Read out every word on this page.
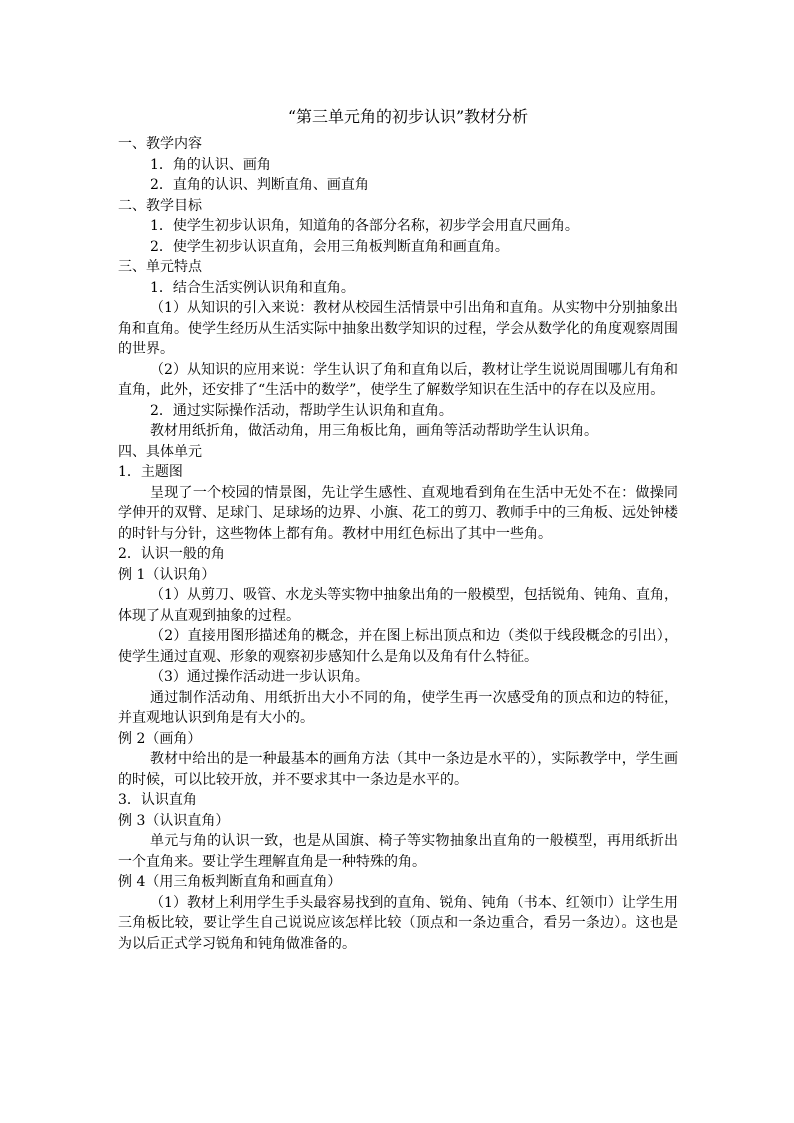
“第三单元角的初步认识”教材分析

一、教学内容

1．角的认识、画角

2．直角的认识、判断直角、画直角

二、教学目标

1．使学生初步认识角，知道角的各部分名称，初步学会用直尺画角。

2．使学生初步认识直角，会用三角板判断直角和画直角。

三、单元特点

1．结合生活实例认识角和直角。

（1）从知识的引入来说：教材从校园生活情景中引出角和直角。从实物中分别抽象出角和直角。使学生经历从生活实际中抽象出数学知识的过程，学会从数学化的角度观察周围的世界。

（2）从知识的应用来说：学生认识了角和直角以后，教材让学生说说周围哪儿有角和直角，此外，还安排了“生活中的数学”，使学生了解数学知识在生活中的存在以及应用。

2．通过实际操作活动，帮助学生认识角和直角。

教材用纸折角，做活动角，用三角板比角，画角等活动帮助学生认识角。

四、具体单元

1．主题图

呈现了一个校园的情景图，先让学生感性、直观地看到角在生活中无处不在：做操同学伸开的双臂、足球门、足球场的边界、小旗、花工的剪刀、教师手中的三角板、远处钟楼的时针与分针，这些物体上都有角。教材中用红色标出了其中一些角。

2．认识一般的角

例 1（认识角）

（1）从剪刀、吸管、水龙头等实物中抽象出角的一般模型，包括锐角、钝角、直角，体现了从直观到抽象的过程。

（2）直接用图形描述角的概念，并在图上标出顶点和边（类似于线段概念的引出），使学生通过直观、形象的观察初步感知什么是角以及角有什么特征。

（3）通过操作活动进一步认识角。

通过制作活动角、用纸折出大小不同的角，使学生再一次感受角的顶点和边的特征，并直观地认识到角是有大小的。

例 2（画角）

教材中给出的是一种最基本的画角方法（其中一条边是水平的），实际教学中，学生画的时候，可以比较开放，并不要求其中一条边是水平的。

3．认识直角

例 3（认识直角）

单元与角的认识一致，也是从国旗、椅子等实物抽象出直角的一般模型，再用纸折出一个直角来。要让学生理解直角是一种特殊的角。

例 4（用三角板判断直角和画直角）

（1）教材上利用学生手头最容易找到的直角、锐角、钝角（书本、红领巾）让学生用三角板比较，要让学生自己说说应该怎样比较（顶点和一条边重合，看另一条边）。这也是为以后正式学习锐角和钝角做准备的。
